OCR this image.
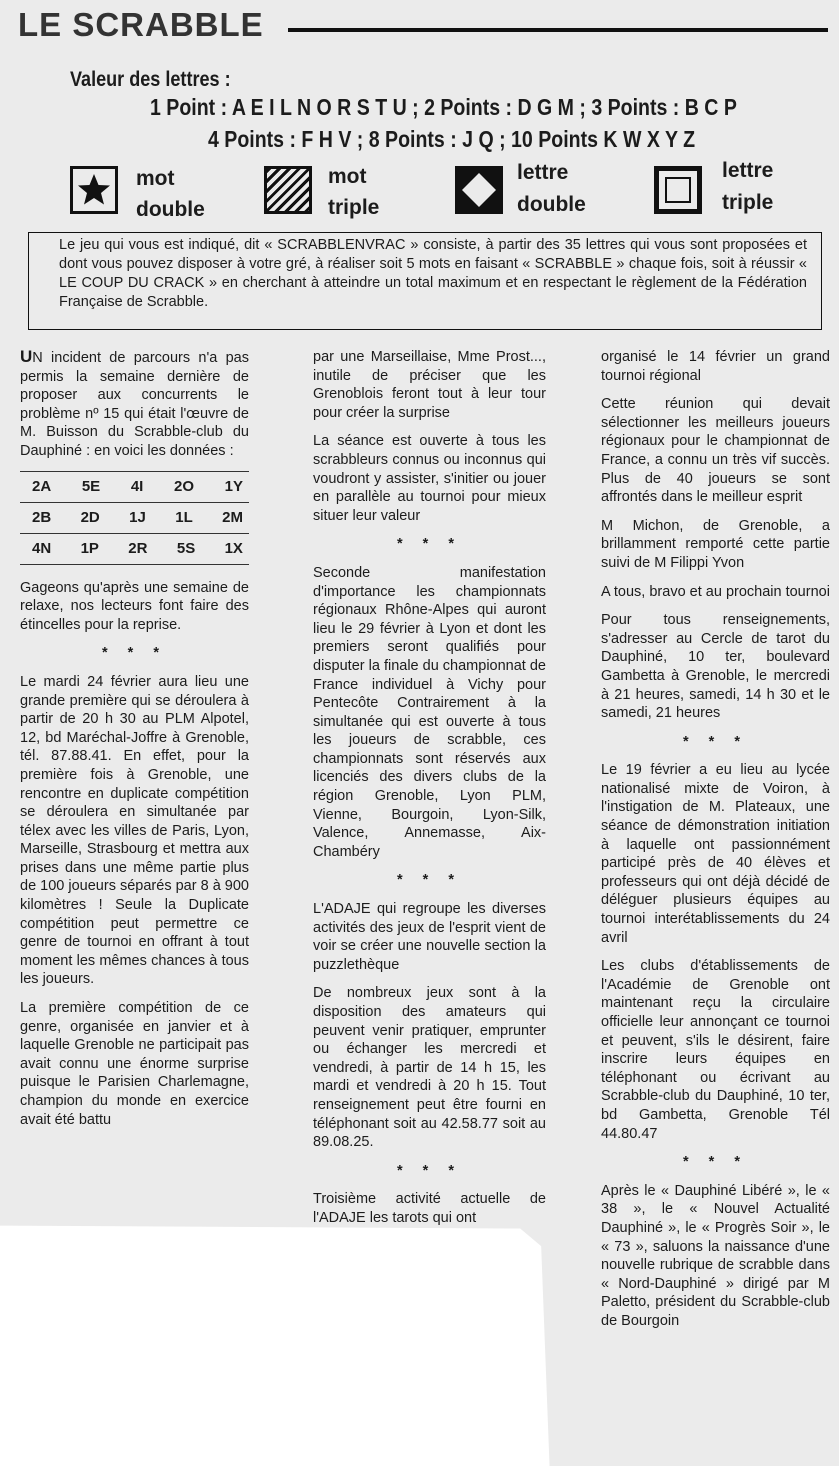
LE SCRABBLE
Valeur des lettres :
1 Point : A E I L N O R S T U ; 2 Points : D G M ; 3 Points : B C P
4 Points : F H V ; 8 Points : J Q ; 10 Points K W X Y Z
mot
double
mot
triple
lettre
double
lettre
triple
Le jeu qui vous est indiqué, dit « SCRABBLENVRAC » consiste, à partir des 35 lettres qui vous sont proposées et dont vous pouvez disposer à votre gré, à réaliser soit 5 mots en faisant « SCRABBLE » chaque fois, soit à réussir « LE COUP DU CRACK » en cherchant à atteindre un total maximum et en respectant le règlement de la Fédération Française de Scrabble.

UN incident de parcours n'a pas permis la semaine dernière de proposer aux concurrents le problème nº 15 qui était l'œuvre de M. Buisson du Scrabble-club du Dauphiné : en voici les données :

2A 5E 4I 2O 1Y
2B 2D 1J 1L 2M
4N 1P 2R 5S 1X

Gageons qu'après une semaine de relaxe, nos lecteurs font faire des étincelles pour la reprise.

* * *

Le mardi 24 février aura lieu une grande première qui se déroulera à partir de 20 h 30 au PLM Alpotel, 12, bd Maréchal-Joffre à Grenoble, tél. 87.88.41. En effet, pour la première fois à Grenoble, une rencontre en duplicate compétition se déroulera en simultanée par télex avec les villes de Paris, Lyon, Marseille, Strasbourg et mettra aux prises dans une même partie plus de 100 joueurs séparés par 8 à 900 kilomètres ! Seule la Duplicate compétition peut permettre ce genre de tournoi en offrant à tout moment les mêmes chances à tous les joueurs.

La première compétition de ce genre, organisée en janvier et à laquelle Grenoble ne participait pas avait connu une énorme surprise puisque le Parisien Charlemagne, champion du monde en exercice avait été battu

par une Marseillaise, Mme Prost..., inutile de préciser que les Grenoblois feront tout à leur tour pour créer la surprise

La séance est ouverte à tous les scrabbleurs connus ou inconnus qui voudront y assister, s'initier ou jouer en parallèle au tournoi pour mieux situer leur valeur

* * *

Seconde manifestation d'importance les championnats régionaux Rhône-Alpes qui auront lieu le 29 février à Lyon et dont les premiers seront qualifiés pour disputer la finale du championnat de France individuel à Vichy pour Pentecôte Contrairement à la simultanée qui est ouverte à tous les joueurs de scrabble, ces championnats sont réservés aux licenciés des divers clubs de la région Grenoble, Lyon PLM, Vienne, Bourgoin, Lyon-Silk, Valence, Annemasse, Aix-Chambéry

* * *

L'ADAJE qui regroupe les diverses activités des jeux de l'esprit vient de voir se créer une nouvelle section la puzzlethèque

De nombreux jeux sont à la disposition des amateurs qui peuvent venir pratiquer, emprunter ou échanger les mercredi et vendredi, à partir de 14 h 15, les mardi et vendredi à 20 h 15. Tout renseignement peut être fourni en téléphonant soit au 42.58.77 soit au 89.08.25.

* * *

Troisième activité actuelle de l'ADAJE les tarots qui ont

organisé le 14 février un grand tournoi régional

Cette réunion qui devait sélectionner les meilleurs joueurs régionaux pour le championnat de France, a connu un très vif succès. Plus de 40 joueurs se sont affrontés dans le meilleur esprit

M Michon, de Grenoble, a brillamment remporté cette partie suivi de M Filippi Yvon

A tous, bravo et au prochain tournoi

Pour tous renseignements, s'adresser au Cercle de tarot du Dauphiné, 10 ter, boulevard Gambetta à Grenoble, le mercredi à 21 heures, samedi, 14 h 30 et le samedi, 21 heures

* * *

Le 19 février a eu lieu au lycée nationalisé mixte de Voiron, à l'instigation de M. Plateaux, une séance de démonstration initiation à laquelle ont passionnément participé près de 40 élèves et professeurs qui ont déjà décidé de déléguer plusieurs équipes au tournoi interétablissements du 24 avril

Les clubs d'établissements de l'Académie de Grenoble ont maintenant reçu la circulaire officielle leur annonçant ce tournoi et peuvent, s'ils le désirent, faire inscrire leurs équipes en téléphonant ou écrivant au Scrabble-club du Dauphiné, 10 ter, bd Gambetta, Grenoble Tél 44.80.47

* * *

Après le « Dauphiné Libéré », le « 38 », le « Nouvel Actualité Dauphiné », le « Progrès Soir », le « 73 », saluons la naissance d'une nouvelle rubrique de scrabble dans « Nord-Dauphiné » dirigé par M Paletto, président du Scrabble-club de Bourgoin
